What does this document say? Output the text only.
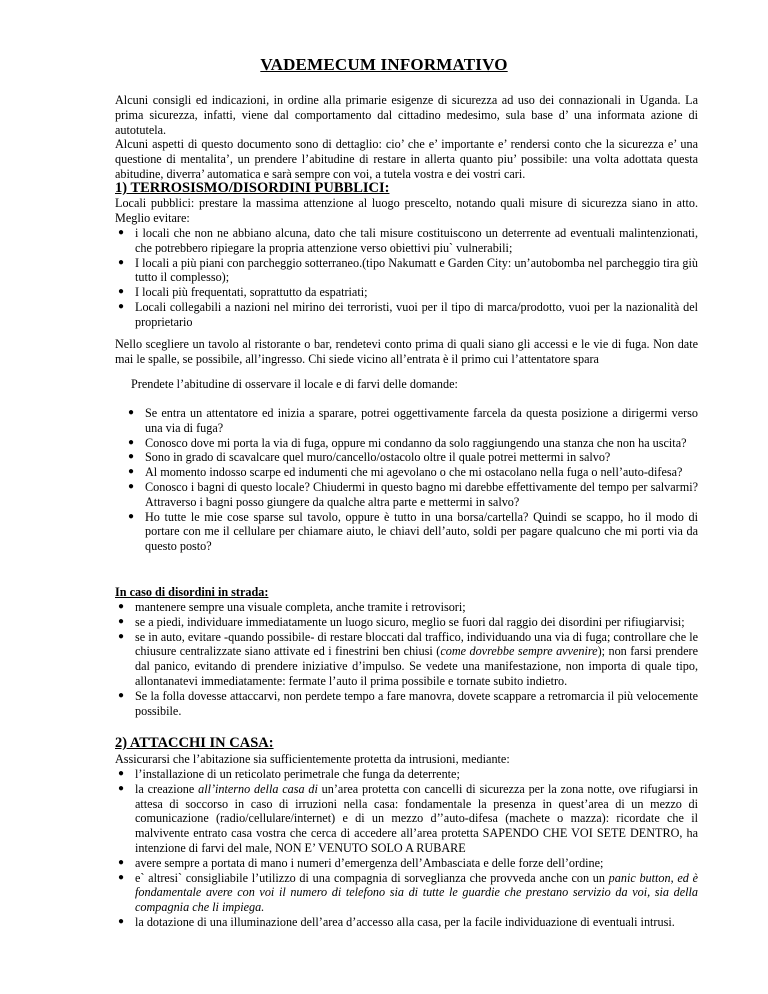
VADEMECUM INFORMATIVO

Alcuni consigli ed indicazioni, in ordine alla primarie esigenze di sicurezza ad uso dei connazionali in Uganda. La prima sicurezza, infatti, viene dal comportamento dal cittadino medesimo, sula base d’ una informata azione di autotutela.

Alcuni aspetti di questo documento sono di dettaglio: cio’ che e’ importante e’ rendersi conto che la sicurezza e’ una questione di mentalita’, un prendere l’abitudine di restare in allerta quanto piu’ possibile: una volta adottata questa abitudine, diverra’ automatica e sarà sempre con voi, a tutela vostra e dei vostri cari.

1) TERROSISMO/DISORDINI PUBBLICI:

Locali pubblici: prestare la massima attenzione al luogo prescelto, notando quali misure di sicurezza siano in atto. Meglio evitare:

● i locali che non ne abbiano alcuna, dato che tali misure costituiscono un deterrente ad eventuali malintenzionati, che potrebbero ripiegare la propria attenzione verso obiettivi piu` vulnerabili;
● I locali a più piani con parcheggio sotterraneo.(tipo Nakumatt e Garden City: un’autobomba nel parcheggio tira giù tutto il complesso);
● I locali più frequentati, soprattutto da espatriati;
● Locali collegabili a nazioni nel mirino dei terroristi, vuoi per il tipo di marca/prodotto, vuoi per la nazionalità del proprietario

Nello scegliere un tavolo al ristorante o bar, rendetevi conto prima di quali siano gli accessi e le vie di fuga. Non date mai le spalle, se possibile, all’ingresso. Chi siede vicino all’entrata è il primo cui l’attentatore spara

Prendete l’abitudine di osservare il locale e di farvi delle domande:

● Se entra un attentatore ed inizia a sparare, potrei oggettivamente farcela da questa posizione a dirigermi verso una via di fuga?
● Conosco dove mi porta la via di fuga, oppure mi condanno da solo raggiungendo una stanza che non ha uscita?
● Sono in grado di scavalcare quel muro/cancello/ostacolo oltre il quale potrei mettermi in salvo?
● Al momento indosso scarpe ed indumenti che mi agevolano o che mi ostacolano nella fuga o nell’auto-difesa?
● Conosco i bagni di questo locale? Chiudermi in questo bagno mi darebbe effettivamente del tempo per salvarmi? Attraverso i bagni posso giungere da qualche altra parte e mettermi in salvo?
● Ho tutte le mie cose sparse sul tavolo, oppure è tutto in una borsa/cartella? Quindi se scappo, ho il modo di portare con me il cellulare per chiamare aiuto, le chiavi dell’auto, soldi per pagare qualcuno che mi porti via da questo posto?
In caso di disordini in strada:
● mantenere sempre una visuale completa, anche tramite i retrovisori;
● se a piedi, individuare immediatamente un luogo sicuro, meglio se fuori dal raggio dei disordini per rifiugiarvisi;
● se in auto, evitare -quando possibile- di restare bloccati dal traffico, individuando una via di fuga; controllare che le chiusure centralizzate siano attivate ed i finestrini ben chiusi (come dovrebbe sempre avvenire); non farsi prendere dal panico, evitando di prendere iniziative d’impulso. Se vedete una manifestazione, non importa di quale tipo, allontanatevi immediatamente: fermate l’auto il prima possibile e tornate subito indietro.
● Se la folla dovesse attaccarvi, non perdete tempo a fare manovra, dovete scappare a retromarcia il più velocemente possibile.
2) ATTACCHI IN CASA:

Assicurarsi che l’abitazione sia sufficientemente protetta da intrusioni, mediante:

● l’installazione di un reticolato perimetrale che funga da deterrente;
● la creazione all’interno della casa di un’area protetta con cancelli di sicurezza per la zona notte, ove rifugiarsi in attesa di soccorso in caso di irruzioni nella casa: fondamentale la presenza in quest’area di un mezzo di comunicazione (radio/cellulare/internet) e di un mezzo d’’auto-difesa (machete o mazza): ricordate che il malvivente entrato casa vostra che cerca di accedere all’area protetta SAPENDO CHE VOI SETE DENTRO, ha intenzione di farvi del male, NON E’ VENUTO SOLO A RUBARE
● avere sempre a portata di mano i numeri d’emergenza dell’Ambasciata e delle forze dell’ordine;
● e` altresi` consigliabile l’utilizzo di una compagnia di sorveglianza che provveda anche con un panic button, ed è fondamentale avere con voi il numero di telefono sia di tutte le guardie che prestano servizio da voi, sia della compagnia che li impiega.
● la dotazione di una illuminazione dell’area d’accesso alla casa, per la facile individuazione di eventuali intrusi.
